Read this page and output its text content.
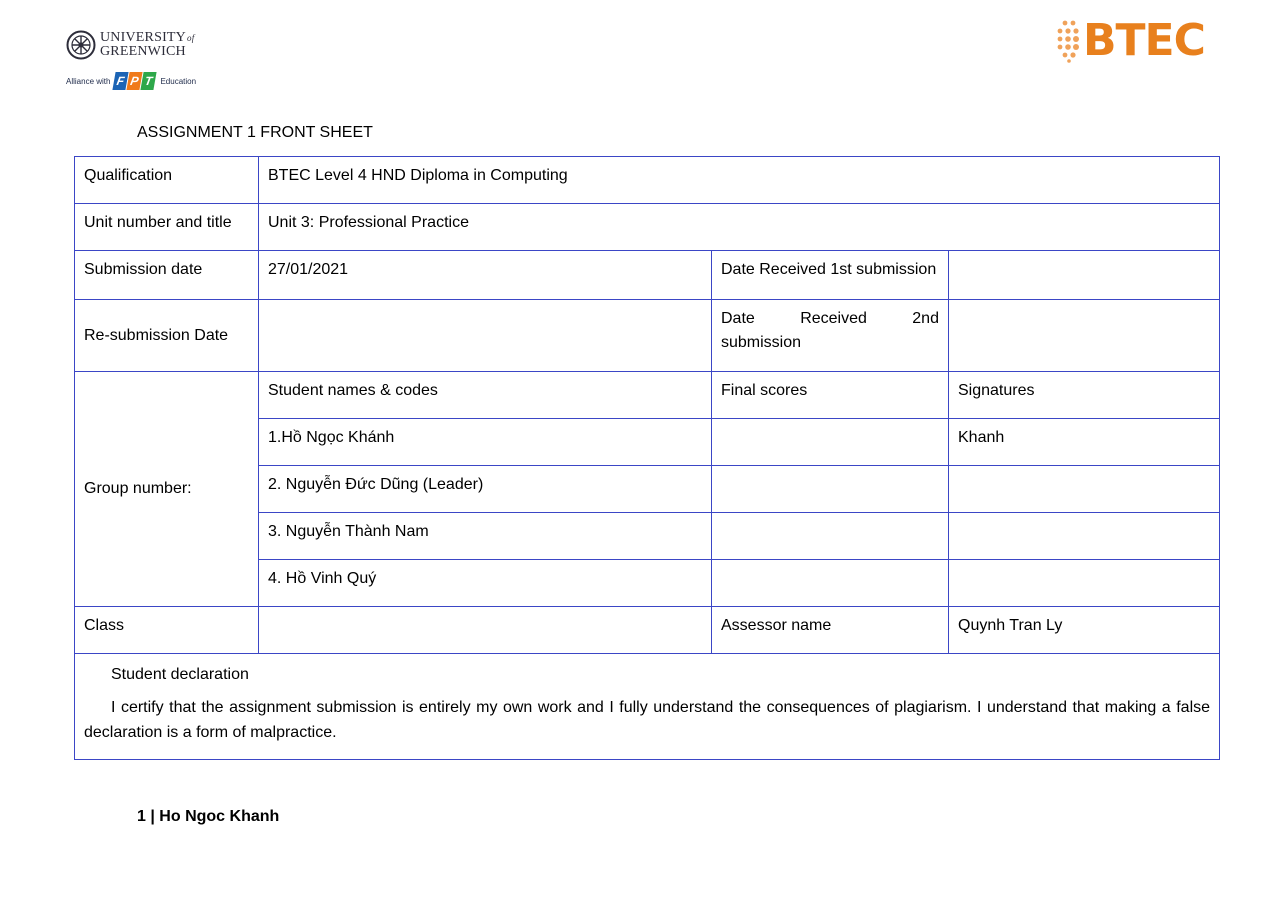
UNIVERSITYof
GREENWICH
Alliance with F P T Education
BTEC
ASSIGNMENT 1 FRONT SHEET
Qualification	BTEC Level 4 HND Diploma in Computing		
Unit number and title	Unit 3: Professional Practice		
Submission date	27/01/2021	Date Received 1st submission	
Re-submission Date		Date Received 2nd
submission	

Group number:	Student names & codes	Final scores	Signatures
	1.Hồ Ngọc Khánh		Khanh
	2. Nguyễn Đức Dũng (Leader)		
	3. Nguyễn Thành Nam		
	4. Hồ Vinh Quý		
Class		Assessor name	Quynh Tran Ly

Student declaration
I certify that the assignment submission is entirely my own work and I fully understand the consequences of plagiarism. I understand that making a false declaration is a form of malpractice.			
1 | Ho Ngoc Khanh
